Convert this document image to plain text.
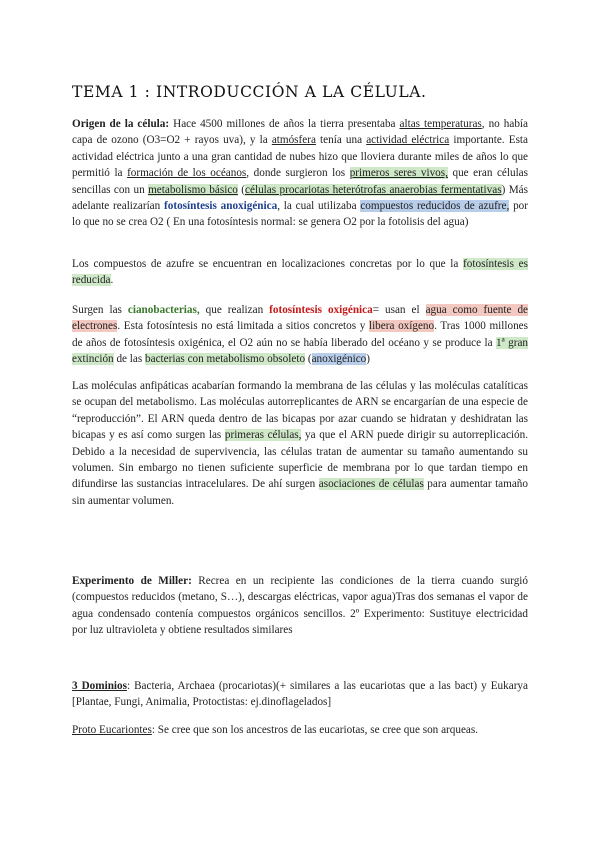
TEMA 1 : INTRODUCCIÓN A LA CÉLULA.

Origen de la célula: Hace 4500 millones de años la tierra presentaba altas temperaturas, no había capa de ozono (O3=O2 + rayos uva), y la atmósfera tenía una actividad eléctrica importante. Esta actividad eléctrica junto a una gran cantidad de nubes hizo que lloviera durante miles de años lo que permitió la formación de los océanos, donde surgieron los primeros seres vivos, que eran células sencillas con un metabolismo básico (células procariotas heterótrofas anaerobias fermentativas) Más adelante realizarían fotosíntesis anoxigénica, la cual utilizaba compuestos reducidos de azufre, por lo que no se crea O2 ( En una fotosíntesis normal: se genera O2 por la fotolisis del agua)

Los compuestos de azufre se encuentran en localizaciones concretas por lo que la fotosíntesis es reducida.

Surgen las cianobacterias, que realizan fotosíntesis oxigénica= usan el agua como fuente de electrones. Esta fotosíntesis no está limitada a sitios concretos y libera oxígeno. Tras 1000 millones de años de fotosíntesis oxigénica, el O2 aún no se había liberado del océano y se produce la 1ª gran extinción de las bacterias con metabolismo obsoleto (anoxigénico)

Las moléculas anfipáticas acabarían formando la membrana de las células y las moléculas catalíticas se ocupan del metabolismo. Las moléculas autorreplicantes de ARN se encargarían de una especie de “reproducción”. El ARN queda dentro de las bicapas por azar cuando se hidratan y deshidratan las bicapas y es así como surgen las primeras células, ya que el ARN puede dirigir su autorreplicación. Debido a la necesidad de supervivencia, las células tratan de aumentar su tamaño aumentando su volumen. Sin embargo no tienen suficiente superficie de membrana por lo que tardan tiempo en difundirse las sustancias intracelulares. De ahí surgen asociaciones de células para aumentar tamaño sin aumentar volumen.

Experimento de Miller: Recrea en un recipiente las condiciones de la tierra cuando surgió (compuestos reducidos (metano, S…), descargas eléctricas, vapor agua)Tras dos semanas el vapor de agua condensado contenía compuestos orgánicos sencillos. 2º Experimento: Sustituye electricidad por luz ultravioleta y obtiene resultados similares

3 Dominios: Bacteria, Archaea (procariotas)(+ similares a las eucariotas que a las bact) y Eukarya [Plantae, Fungi, Animalia, Protoctistas: ej.dinoflagelados]

Proto Eucariontes: Se cree que son los ancestros de las eucariotas, se cree que son arqueas.
